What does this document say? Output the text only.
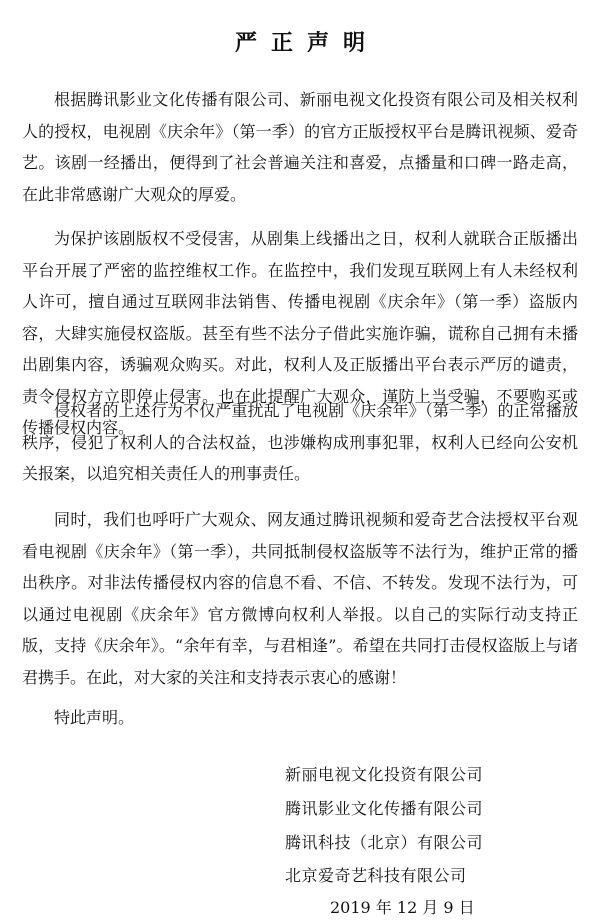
严正声明

根据腾讯影业文化传播有限公司、新丽电视文化投资有限公司及相关权利人的授权，电视剧《庆余年》（第一季）的官方正版授权平台是腾讯视频、爱奇艺。该剧一经播出，便得到了社会普遍关注和喜爱，点播量和口碑一路走高，在此非常感谢广大观众的厚爱。

为保护该剧版权不受侵害，从剧集上线播出之日，权利人就联合正版播出平台开展了严密的监控维权工作。在监控中，我们发现互联网上有人未经权利人许可，擅自通过互联网非法销售、传播电视剧《庆余年》（第一季）盗版内容，大肆实施侵权盗版。甚至有些不法分子借此实施诈骗，谎称自己拥有未播出剧集内容，诱骗观众购买。对此，权利人及正版播出平台表示严厉的谴责，责令侵权方立即停止侵害。也在此提醒广大观众，谨防上当受骗，不要购买或传播侵权内容。

侵权者的上述行为不仅严重扰乱了电视剧《庆余年》（第一季）的正常播放秩序，侵犯了权利人的合法权益，也涉嫌构成刑事犯罪，权利人已经向公安机关报案，以追究相关责任人的刑事责任。

同时，我们也呼吁广大观众、网友通过腾讯视频和爱奇艺合法授权平台观看电视剧《庆余年》（第一季），共同抵制侵权盗版等不法行为，维护正常的播出秩序。对非法传播侵权内容的信息不看、不信、不转发。发现不法行为，可以通过电视剧《庆余年》官方微博向权利人举报。以自己的实际行动支持正版，支持《庆余年》。“余年有幸，与君相逢”。希望在共同打击侵权盗版上与诸君携手。在此，对大家的关注和支持表示衷心的感谢！

特此声明。

新丽电视文化投资有限公司
腾讯影业文化传播有限公司
腾讯科技（北京）有限公司
北京爱奇艺科技有限公司
2019 年 12 月 9 日
